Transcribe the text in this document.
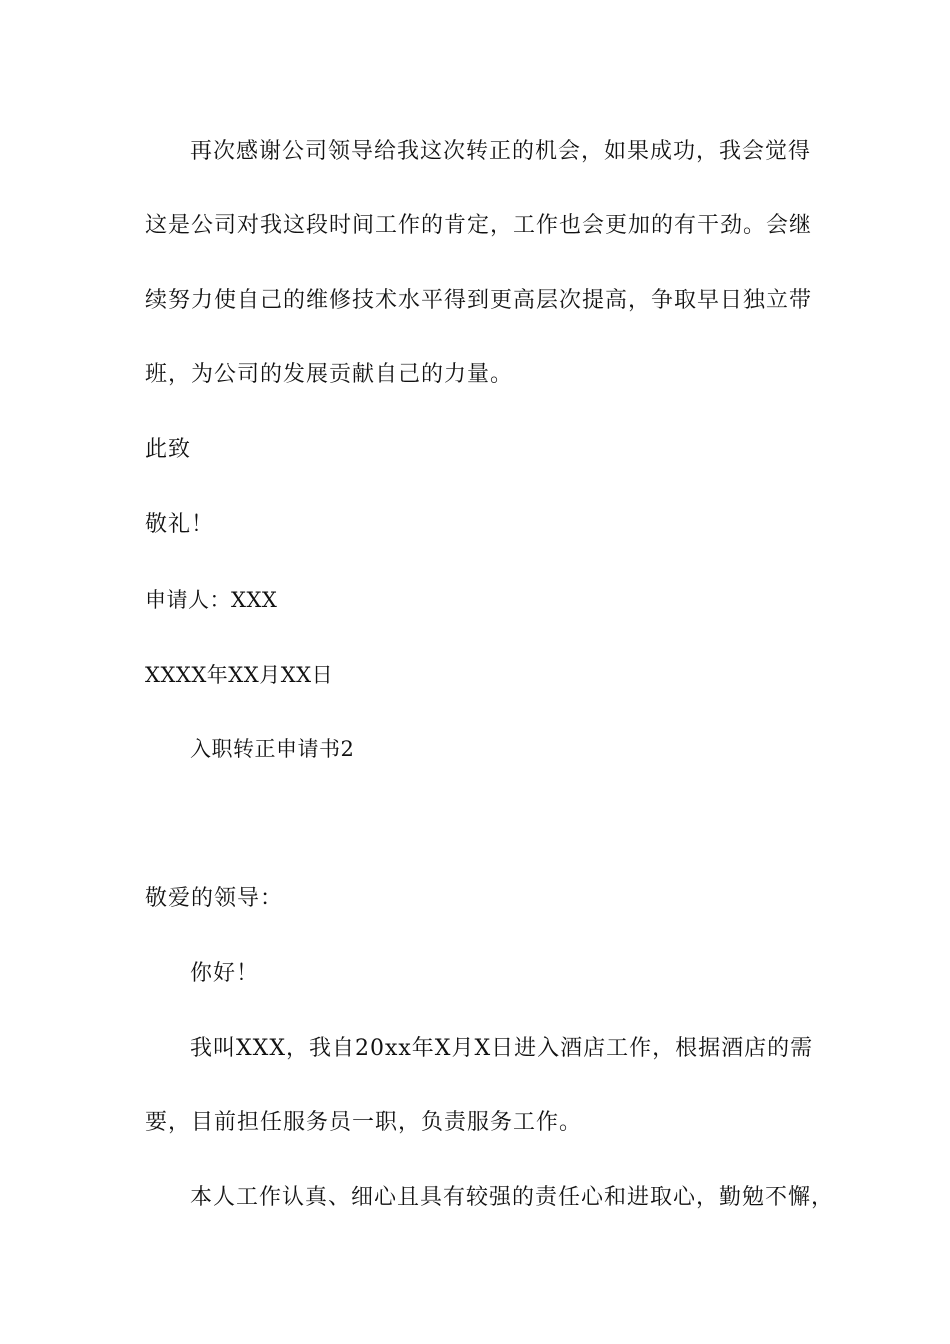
再次感谢公司领导给我这次转正的机会，如果成功，我会觉得
这是公司对我这段时间工作的肯定，工作也会更加的有干劲。会继
续努力使自己的维修技术水平得到更高层次提高，争取早日独立带
班，为公司的发展贡献自己的力量。
此致
敬礼！
申请人：XXX
XXXX年XX月XX日
入职转正申请书2
敬爱的领导：
你好！
我叫XXX，我自20xx年X月X日进入酒店工作，根据酒店的需
要，目前担任服务员一职，负责服务工作。
本人工作认真、细心且具有较强的责任心和进取心，勤勉不懈，
